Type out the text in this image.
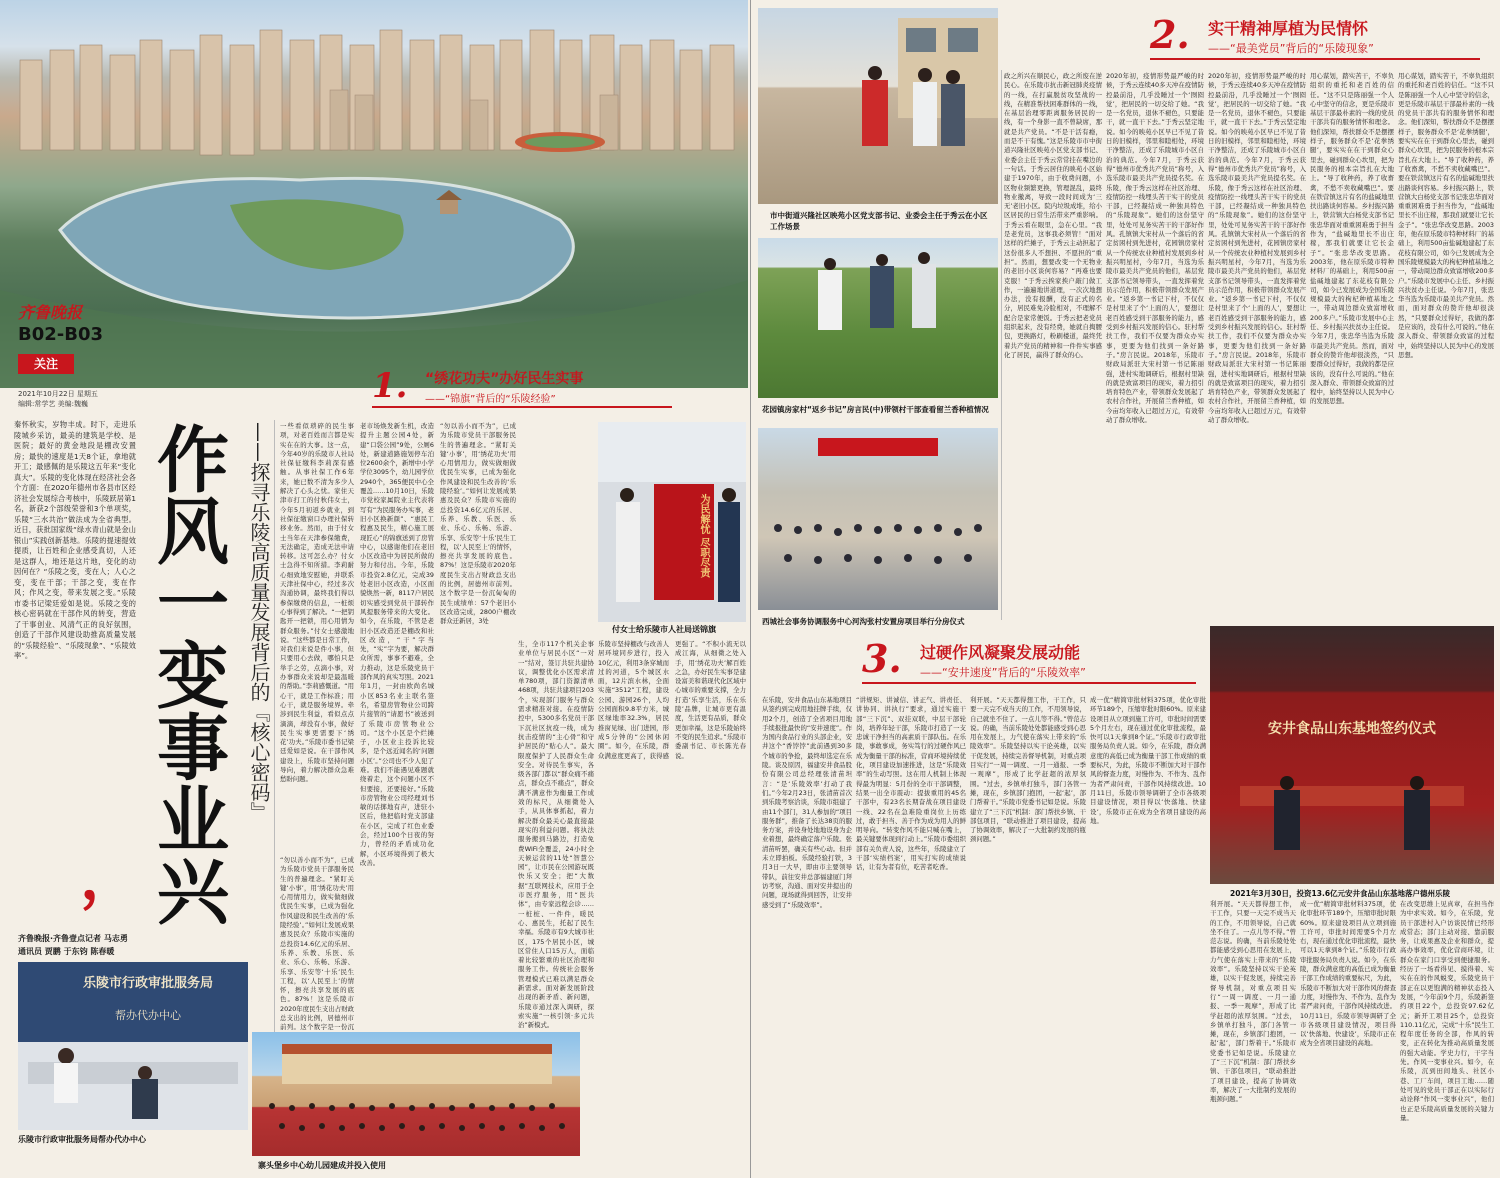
齐鲁晚报
B02-B03
关注
2021年10月22日 星期五
编辑:常学艺 美编:魏巍
秦怀秋实，岁物丰成。时下，走进乐陵城乡采访，最美的建筑是学校、是医院；最好的黄金地段是棚改安置房；最快的速度是1天8个证，拿地就开工；最感佩的是乐陵这五年来“变化真大”。乐陵的变化体现在经济社会各个方面：在2020年德州市各县市区经济社会发展综合考核中，乐陵跃居第1名，新获2个部级荣誉和3个单项奖，乐陵“三水共治”做法成为全省典型。近日，获批国家级“绿水青山就是金山银山”实践创新基地。乐陵的提速提效提质，让百姓和企业感受真切，人还是这群人，地还是这片地，变化的动因何在？“乐陵之变，变在人；人心之变，变在干部；干部之变，变在作风；作风之变，带来发展之变。”乐陵市委书记梁廷爱如是说。乐陵之变的核心密码就在干部作风的转变，营造了干事创业、风清气正的良好氛围，创造了干部作风建设助推高质量发展的“乐陵经验”、“乐陵现象”、“乐陵效率”。	作风一变事业兴
，
——探寻乐陵高质量发展背后的『核心密码』
齐鲁晚报·齐鲁壹点记者 马志勇
通讯员 贾鹏 于东钧 陈春暖
乐陵市行政审批服务局
帮办代办中心
乐陵市行政审批服务局帮办代办中心
1. “绣花功夫”办好民生实事
——“锦旗”背后的“乐陵经验”
一些看似琐碎的民生事项，对老百姓而言都是实实在在的大事。这一点，今年40岁的乐陵市人社局社保征缴科李莉深有感触。从事社保工作6年来，她已数不清为多少人解决了心头之忧。家住天津市打工的付秋伟女士，今年5月初返乡就业，到社保征缴窗口办理社保转移业务。然而，由于付女士当年在天津参保缴费，无法确定，造成无法申请转移。这可怎么办？付女士急得不知所措。李莉耐心细致地安慰她，并联系天津社保中心，经过多次沟通协调，最终我们得以参保缴费的信息，一桩烦心事得到了解决。“一把钥匙开一把锁，用心用情为群众服务。”付女士感激地说。“这些都是日常工作，对我们来说是件小事，但只要用心去做，哪怕只是举手之劳，点滴小事，对办事群众来说却是最温暖的帮助。”李莉感慨道。“用心干，就是工作标准；用心干，就是服务境界。牵涉到民生利益，看似点点滴滴，却没有小事，做好民生实事更需要下‘绣花’功夫。”乐陵市委书记梁廷爱如是说。在干部作风建设上，乐陵市坚持问题导向，着力解决群众急难愁盼问题。
“勿以善小而不为”，已成为乐陵市党员干部服务民生的普遍理念。“紧盯关键‘小事’，用‘绣花功夫’用心用情用力，做实做细做优民生实事，已成为强化作风建设和民生改善的‘乐陵经验’。”如何让发展成果惠及民众？乐陵市实施的总投资14.6亿元的乐居、乐养、乐教、乐医、乐业、乐心、乐畅、乐游、乐享、乐安等‘十乐’民生工程，以‘人民至上’的情怀，擦亮共享发展的底色。87%！这是乐陵市2020年度民生支出占财政总支出的比例，居德州市前列。这个数字是一份沉
老市场焕发新生机，改造提升主题公园4处，新建“口袋公园”9处，公厕6处，新建道路施划停车泊位2600余个，新增中小学学位3095个，幼儿园学位2940个，365便民中心全覆盖……10月10日，乐陵市党校家属院业主代表将写有“为民服务办实事，老旧小区换新颜”、“惠民工程惠及民生，精心施工展现匠心”的锦旗送到了房管中心，以感谢他们在老旧小区改造中为居民所做的努力和付出。今年，乐陵市投资2.8亿元，完成39处老旧小区改造，小区面貌焕然一新，8117户居民切实感受到党员干部转作风提服务带来的大变化。如今，在乐陵，不管是老旧小区改造还是棚改和社区改造，“干”字当先，“实”字为要，解决群众所需，事事不避难，全力推动，这是乐陵党员干部作风的真实写照。2021年1月，一封由欧尚名城小区853名业主联名签名，希望房管物业公司跨片接管的“请愿书”被送到了乐陵市房管物业公司。“这个小区是个烂摊子，小区业主投诉比较多，是个远近闻名的‘问题小区’。”公司也不少人犯了难。我们不能遇见难题就绕着走，这个问题小区不但要接，还要接好。”乐陵市房管物业公司经理刘书敏的话掷地有声，进驻小区后，他把临时党支部建在小区，完成了红色业委会，经过100个日夜的努力，曾经的矛盾成功化解，小区环境得到了极大改善。
生，全市117个机关企事业单位与居民小区“一对一”结对，签订共驻共建协议，调整优化小区需求清单780项，部门资源清单468项，共驻共建项目203个，实现部门服务与群众需求精准对接。在疫情防控中，5300多名党员干部下沉社区抗疫一线，成为抗击疫情的“主心骨”和守护居民的“贴心人”。最大限度保护了人民群众生命安全。对待民生事实，各级各部门都以“群众痛不痛点，群众点不痛点”，群众满不满意作为衡量工作成效的标尺，从细微处入手，从具体事抓起，着力解决群众最关心最直接最现实的利益问题。将执法服务搬到马路边，打造免费WiFi全覆盖，24小时全天候运营的11处“智慧公园”，让市民在公园游玩既快乐又安全；把“大数据”互联网技术，应用于全市医疗服务，用“医共体”，由专家远程会诊……一桩桩、一件件，暖民心、惠民生，托起了民生幸福。乐陵市有9大城市社区，175个居民小区，城区常住人口15万人，面临着比较繁重的社区治理和服务工作。传统社会服务管理模式已难以满足群众新需求。面对新发展阶段出现的新矛盾、新问题，乐陵市通过深入调研，探索实施“一核引领·多元共治”新模式。
乐陵市坚持棚改与改善人居环境同步进行，投入10亿元，利用3条穿城而过的河道，5个城区水面，12片滨水林，全面实施“3512”工程，建设公园、游园26个，人均公园面积9.8平方米，城区绿地率32.3%，居民推窗见绿、出门进园，形成5分钟的“公园休闲圈”。如今，在乐陵，群众满意度更高了，获得感更强了。“不积小流无以成江海，从细微之处入手，用‘绣花功夫’解百姓之急，办好民生实事是建设富美和谐现代化区域中心城市的重要支撑，全力打造‘乐享生活，乐在乐陵’品牌，让城市更有温度，生活更有品质，群众更加幸福，这是乐陵始终不变的民生追求。”乐陵市委副书记、市长陈光春说。
“勿以善小而不为”，已成为乐陵市党员干部服务民生的普遍理念。“紧盯关键‘小事’，用‘绣花功夫’用心用情用力，做实做细做优民生实事，已成为强化作风建设和民生改善的‘乐陵经验’。”如何让发展成果惠及民众？乐陵市实施的总投资14.6亿元的乐居、乐养、乐教、乐医、乐业、乐心、乐畅、乐游、乐享、乐安等‘十乐’民生工程，以‘人民至上’的情怀，擦亮共享发展的底色。87%！这是乐陵市2020年度民生支出占财政总支出的比例，居德州市前列。这个数字是一份沉甸甸的民生成绩单：57个老旧小区改造完成，2800户棚改群众迁新居，3处
为民解忧 尽职尽责
付女士给乐陵市人社局送锦旗
寨头堡乡中心幼儿园建成并投入使用
2. 实干精神厚植为民情怀
——“最美党员”背后的“乐陵现象”
市中街道兴隆社区映苑小区党支部书记、业委会主任于秀云在小区工作场景
花园镇房家村“返乡书记”房言民(中)带领村干部查看留兰香种植情况
西城社会事务协调服务中心河沟张村安置房项目举行分房仪式
政之所兴在顺民心，政之所废在逆民心。在乐陵市抗击新冠肺炎疫情的一线，在打赢脱贫攻坚战的一线，在精准帮扶困难群体的一线，在基层治理零距离服务居民的一线，有一个身影一直不曾缺席，那就是共产党员。“不是干活有瘾，而是不干有愧。”这是乐陵市市中街道兴隆社区映苑小区党支部书记、业委会主任于秀云常常挂在嘴边的一句话。于秀云居住的映苑小区始建于1970年，由于收费问题，小区物业频繁更换，管理混乱，最终物业撤离，导致一段时间成为‘三无’老旧小区。院内垃圾成堆，给小区居民的日常生活带来严重影响。于秀云看在眼里，急在心里。“我是老党员，这事我必须管！”面对这样的烂摊子，于秀云主动担起了这份很多人不想担、不愿担的“重担”。然而，想要改变一个无物业的老旧小区谈何容易？“再难也要克服！”于秀云挨家挨户敲门做工作，一遍遍地讲道理，一次次地想办法，没有报酬，没有正式的名分，居民难免冷脸相对，不理解不配合是家常便饭。于秀云把老党员组织起来，没有经费，她就自掏腰包，更换路灯，粉刷楼道，最终凭着共产党员的精神和一件件实事感化了居民，赢得了群众的心。
2020年初，疫情形势最严峻的时候，于秀云连续40多天冲在疫情防控最前沿，几乎没睡过一个‘囫囵觉’，把居民的一切交给了她。“我是一名党员，退休不褪色，只要能干，就一直干下去。”于秀云坚定地说。如今的映苑小区早已不见了昔日的旧模样，邻里和睦相处，环境干净整洁，还成了乐陵城市小区自治的典范。今年7月，于秀云获得“德州市优秀共产党员”称号，入选乐陵市最美共产党员提名奖。在乐陵，像于秀云这样在社区治理、疫情防控一线埋头苦干实干的党员干部，已经凝结成一种独具特色的“乐陵现象”。她们的这份坚守里，处处可见务实苦干的干部好作风。孔镇镇大宋村从一个落后的省定贫困村到先进村，花园镇房家村从一个传统农业种植村发展到乡村振兴明星村，今年7月，当选为乐陵市最美共产党员的他们，基层党支部书记领导带头，一直发挥着党员示范作用，积极带领群众发展产业。“返乡第一书记下村，不仅仅是村里来了个‘上面的人’，要想让老百姓感受到干部服务的能力，感受到乡村振兴发展的信心。驻村帮扶工作，我们不仅要为群众办实事，更要为他们找到一条好路子。”房言民说。2018年，乐陵市财政局派驻大宋村第一书记陈丽强，进村实地调研后，根据村里缺的就是致富项目的现实，着力招引培育特色产业，带领群众发展起了农村合作社，开展留兰香种植，如今亩均年收入已超过万元，有效带动了群众增收。
2020年初，疫情形势最严峻的时候，于秀云连续40多天冲在疫情防控最前沿，几乎没睡过一个‘囫囵觉’，把居民的一切交给了她。“我是一名党员，退休不褪色，只要能干，就一直干下去。”于秀云坚定地说。如今的映苑小区早已不见了昔日的旧模样，邻里和睦相处，环境干净整洁，还成了乐陵城市小区自治的典范。今年7月，于秀云获得“德州市优秀共产党员”称号，入选乐陵市最美共产党员提名奖。在乐陵，像于秀云这样在社区治理、疫情防控一线埋头苦干实干的党员干部，已经凝结成一种独具特色的“乐陵现象”。她们的这份坚守里，处处可见务实苦干的干部好作风。孔镇镇大宋村从一个落后的省定贫困村到先进村，花园镇房家村从一个传统农业种植村发展到乡村振兴明星村，今年7月，当选为乐陵市最美共产党员的他们，基层党支部书记领导带头，一直发挥着党员示范作用，积极带领群众发展产业。“返乡第一书记下村，不仅仅是村里来了个‘上面的人’，要想让老百姓感受到干部服务的能力，感受到乡村振兴发展的信心。驻村帮扶工作，我们不仅要为群众办实事，更要为他们找到一条好路子。”房言民说。2018年，乐陵市财政局派驻大宋村第一书记陈丽强，进村实地调研后，根据村里缺的就是致富项目的现实，着力招引培育特色产业，带领群众发展起了农村合作社，开展留兰香种植，如今亩均年收入已超过万元，有效带动了群众增收。
用心谋划，踏实苦干，不辜负组织的重托和老百姓的信任。“这不只是陈丽强一个人心中坚守的信念，更是乐陵市基层干部最朴素的一线的党员干部共有的服务情怀和理念。他们深知，帮扶群众不是摆摆样子，服务群众不是‘花拳绣腿’，要实实在在干到群众心里去，碰到群众心坎里，把为民服务的根本宗旨扎在大地上。“导了收种药，养了收畜禽，不愁不卖收藏嘴巴”。要在铁营镇这片有名的盐碱地里扶出路谈何容易。乡村振兴路上，铁营镇大白杨党支部书记张忠华面对重重困难勇于担当作为，“盐碱地里长不出庄稼，那我们就要让它长金子”。“张忠华改变思路。2003年，他在原乐陵市特种材料厂的基础上，利用500亩盐碱地建起了东花枝有限公司，如今已发展成为全国乐陵规模最大的枸杞种植基地之一，带动周边群众致富增收200多户。”乐陵市发展中心主任、乡村振兴扶贫办主任说。今年7月，张忠华当选为乐陵市最美共产党员。然而，面对群众的赞许他却很淡然，“只要群众过得好，我做的都是应该的，没有什么可说的。”他在深入群众、带领群众致富的过程中，始终坚持以人民为中心的发展思想。
用心谋划，踏实苦干，不辜负组织的重托和老百姓的信任。“这不只是陈丽强一个人心中坚守的信念，更是乐陵市基层干部最朴素的一线的党员干部共有的服务情怀和理念。他们深知，帮扶群众不是摆摆样子，服务群众不是‘花拳绣腿’，要实实在在干到群众心里去，碰到群众心坎里，把为民服务的根本宗旨扎在大地上。“导了收种药，养了收畜禽，不愁不卖收藏嘴巴”。要在铁营镇这片有名的盐碱地里扶出路谈何容易。乡村振兴路上，铁营镇大白杨党支部书记张忠华面对重重困难勇于担当作为，“盐碱地里长不出庄稼，那我们就要让它长金子”。“张忠华改变思路。2003年，他在原乐陵市特种材料厂的基础上，利用500亩盐碱地建起了东花枝有限公司，如今已发展成为全国乐陵规模最大的枸杞种植基地之一，带动周边群众致富增收200多户。”乐陵市发展中心主任、乡村振兴扶贫办主任说。今年7月，张忠华当选为乐陵市最美共产党员。然而，面对群众的赞许他却很淡然，“只要群众过得好，我做的都是应该的，没有什么可说的。”他在深入群众、带领群众致富的过程中，始终坚持以人民为中心的发展思想。
3. 过硬作风凝聚发展动能
——“安井速度”背后的“乐陵效率”
安井食品山东基地签约仪式
2021年3月30日，投资13.6亿元安井食品山东基地落户德州乐陵
在乐陵，安井食品山东基地项目从签约到完成用地挂牌手续，仅用2个月，创造了全省项目用地手续报批最快的“安井速度”。作为国内食品行业的头部企业，安井这个“香饽饽”此前遇到30多个城市的争抢，最终却选定在乐陵。谈及原因，福建安井食品股份有限公司总经理张清苗坦言：“是‘乐陵效率’打动了我们。”今年2月23日，张清苗首次到乐陵考察洽谈，乐陵市组建了由11个部门，31人参加的“项目服务群”，推备了长达38页的服务方案，并设身处地地设身为企业着想，最终确定落户乐陵。张清苗听罢，确关有些心动。但并未立即拍板。乐陵经验打铁，3月3日一大早，即由市主要领导带队，前往安井总部福建厦门拜访考察，沟通、面对安井提出的问题，现场就得到回答，让安井感受到了“乐陵效率”。
“讲规矩、讲诚信、讲正气、讲责任、讲协同、讲执行”要求，通过实施干部“三下沉”、双挂双联，中层干部轮岗，培养年轻干部，乐陵市打造了一支忠诚干净担当的高素质干部队伍。在乐陵，事敢事成，务实笃行的过硬作风已成为衡量干部的标准，营商环境持续优化，项目建设加速推进，这是“乐陵效率”的生动写照。这在用人机制上体现得最为明显：5月份的全市干部调整，结果一出全市震动：提拔重用的45名干部中，有23名长期奋战在项目建设一线、22名在急难险重岗位上历练过，敢于担当、善于作为成为用人的鲜明导向。“转变作风不能只喊在嘴上，最关键要体现到行动上。”乐陵市委组织部有关负责人说，这些年，乐陵建立了干部‘实绩档案’，用实打实的成绩说话，让有为者有位，吃苦者吃香。
利开展。“天天都得想工作，干工作，只要一天完不成当天的工作，不用领导说，自己就坐不住了。一点儿等不得。”曾范志说。的确，当前乐陵处处都能感受到心思用在发展上，力气使在落实上带来的“乐陵效率”。乐陵坚持以实干论英雄，以实干促发展，持续完善督导机制，对重点项目实行“一周一调度、一月一通报、一季一观摩”，形成了比学赶超的浓厚氛围。“过去，乡镇单打独斗，部门各管一摊，现在，乡镇部门抱团，一起‘起’，部门帮着干。”乐陵市党委书记如是说。乐陵建立了“三下沉”机制：部门帮扶乡镇、干部包项目，“联动推进了项目建设，提高了协调效率，解决了一大批制约发展的瓶颈问题。”
成一优“精简审批材料375项，优化审批环节189个，压缩审批时限60%。原来建设项目从立项到施工许可，审批时间需要5个月左右，现在通过优化审批流程，最快可以1天拿到8个证。”乐陵市行政审批服务局负责人说。如今，在乐陵，群众满意度的高低已成为衡量干部工作成绩的重要标尺，为此，乐陵市不断加大对干部作风的督查力度，对慢作为、不作为、乱作为者严肃问责，干部作风持续改进。10月11日，乐陵市领导调研了全市各级项目建设情况，项目得以‘快落地、快建设’，乐陵市正在成为全省项目建设的高地。
在改变思维上见真章，在担当作为中求实效。如今，在乐陵，党员干部进村入户访谈民情已经形成常态；部门主动对接、靠前服务，让成果惠及企业和群众，提高办事效率，优化营商环境，让群众在家门口享受到便捷服务。经历了一场看得见、摸得着、实实在在的作风蜕变，乐陵党员干部正在以更饱满的精神状态投入发展，“今年前9个月，乐陵新签约项目22个，总投资97.62亿元；新开工项目25个，总投资110.11亿元，完成“十乐”民生工程年度任务的全部，作风的转变，正在转化为推动高质量发展的强大动能。学史力行，干字当先。作风一变事业兴。如今，在乐陵，沉到田间地头、社区小巷、工厂车间，项目工地……随处可见的党员干部正在以实际行动诠释“作风一变事业兴”，他们也正是乐陵高质量发展的关键力量。
成一优“精简审批材料375项，优化审批环节189个，压缩审批时限60%。原来建设项目从立项到施工许可，审批时间需要5个月左右，现在通过优化审批流程，最快可以1天拿到8个证。”乐陵市行政审批服务局负责人说。如今，在乐陵，群众满意度的高低已成为衡量干部工作成绩的重要标尺，为此，乐陵市不断加大对干部作风的督查力度，对慢作为、不作为、乱作为者严肃问责，干部作风持续改进。10月11日，乐陵市领导调研了全市各级项目建设情况，项目得以‘快落地、快建设’，乐陵市正在成为全省项目建设的高地。
利开展。“天天都得想工作，干工作，只要一天完不成当天的工作，不用领导说，自己就坐不住了。一点儿等不得。”曾范志说。的确，当前乐陵处处都能感受到心思用在发展上，力气使在落实上带来的“乐陵效率”。乐陵坚持以实干论英雄，以实干促发展，持续完善督导机制，对重点项目实行“一周一调度、一月一通报、一季一观摩”，形成了比学赶超的浓厚氛围。“过去，乡镇单打独斗，部门各管一摊，现在，乡镇部门抱团，一起‘起’，部门帮着干。”乐陵市党委书记如是说。乐陵建立了“三下沉”机制：部门帮扶乡镇、干部包项目，“联动推进了项目建设，提高了协调效率，解决了一大批制约发展的瓶颈问题。”
